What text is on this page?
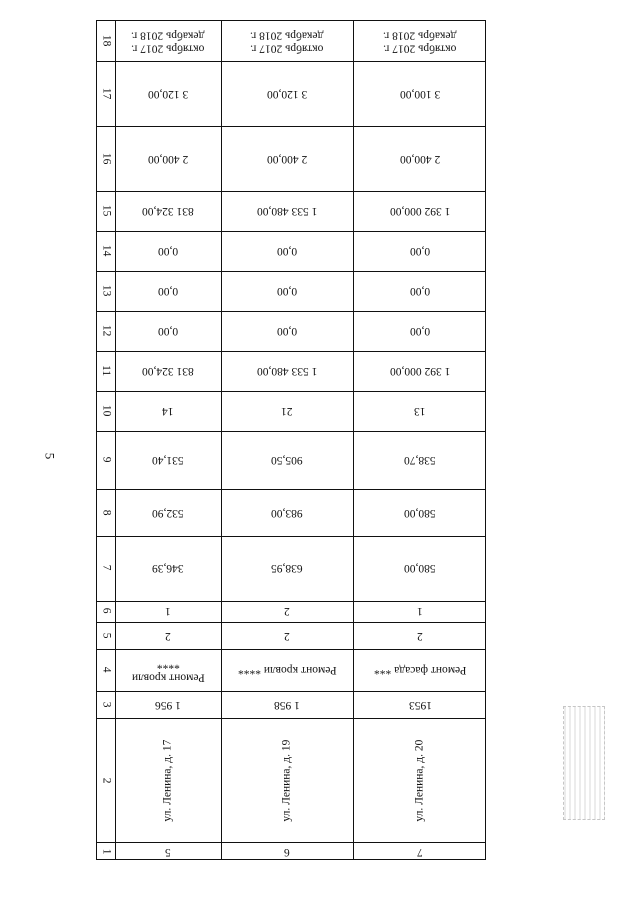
5
18
17
16
15
14
13
12
11
10
9
8
7
6
5
4
3
2
1
октябрь 2017 г.
декабрь 2018 г.
3 120,00
2 400,00
831 324,00
0,00
0,00
0,00
831 324,00
14
531,40
532,90
346,39
1
2
Ремонт кровли
****
1 956
ул. Ленина, д. 17
5
октябрь 2017 г.
декабрь 2018 г.
3 120,00
2 400,00
1 533 480,00
0,00
0,00
0,00
1 533 480,00
21
905,50
983,00
638,95
2
2
Ремонт кровли ****
1 958
ул. Ленина, д. 19
6
октябрь 2017 г.
декабрь 2018 г.
3 100,00
2 400,00
1 392 000,00
0,00
0,00
0,00
1 392 000,00
13
538,70
580,00
580,00
1
2
Ремонт фасада ***
1953
ул. Ленина, д. 20
7
